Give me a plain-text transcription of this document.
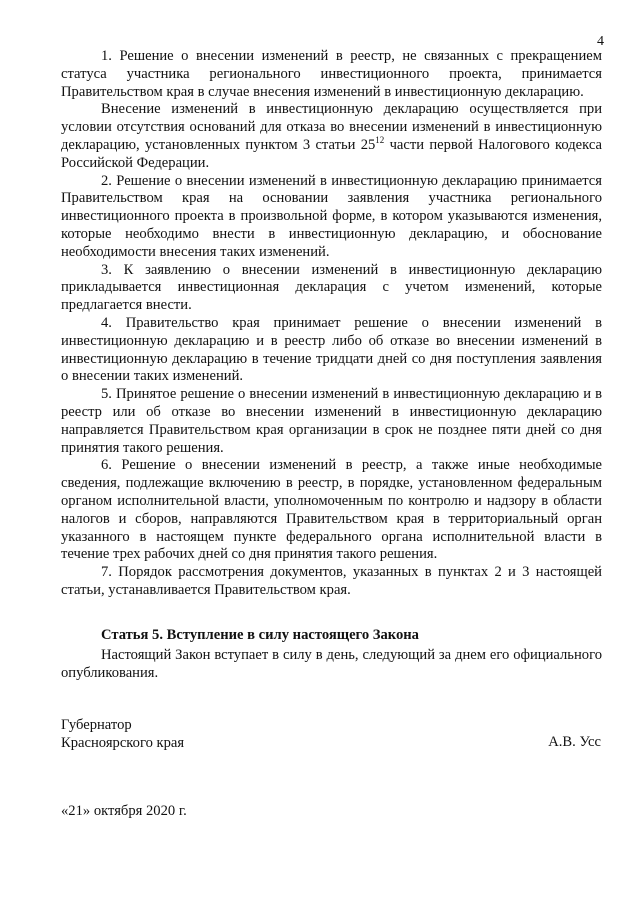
4

1. Решение о внесении изменений в реестр, не связанных с прекращением статуса участника регионального инвестиционного проекта, принимается Правительством края в случае внесения изменений в инвестиционную декларацию.

Внесение изменений в инвестиционную декларацию осуществляется при условии отсутствия оснований для отказа во внесении изменений в инвестиционную декларацию, установленных пунктом 3 статьи $25^{12}$ части первой Налогового кодекса Российской Федерации.

2. Решение о внесении изменений в инвестиционную декларацию принимается Правительством края на основании заявления участника регионального инвестиционного проекта в произвольной форме, в котором указываются изменения, которые необходимо внести в инвестиционную декларацию, и обоснование необходимости внесения таких изменений.

3. К заявлению о внесении изменений в инвестиционную декларацию прикладывается инвестиционная декларация с учетом изменений, которые предлагается внести.

4. Правительство края принимает решение о внесении изменений в инвестиционную декларацию и в реестр либо об отказе во внесении изменений в инвестиционную декларацию в течение тридцати дней со дня поступления заявления о внесении таких изменений.

5. Принятое решение о внесении изменений в инвестиционную декларацию и в реестр или об отказе во внесении изменений в инвестиционную декларацию направляется Правительством края организации в срок не позднее пяти дней со дня принятия такого решения.

6. Решение о внесении изменений в реестр, а также иные необходимые сведения, подлежащие включению в реестр, в порядке, установленном федеральным органом исполнительной власти, уполномоченным по контролю и надзору в области налогов и сборов, направляются Правительством края в территориальный орган указанного в настоящем пункте федерального органа исполнительной власти в течение трех рабочих дней со дня принятия такого решения.

7. Порядок рассмотрения документов, указанных в пунктах 2 и 3 настоящей статьи, устанавливается Правительством края.

Статья 5. Вступление в силу настоящего Закона

Настоящий Закон вступает в силу в день, следующий за днем его официального опубликования.

Губернатор
Красноярского края	А.В. Усс
«21» октября 2020 г.
